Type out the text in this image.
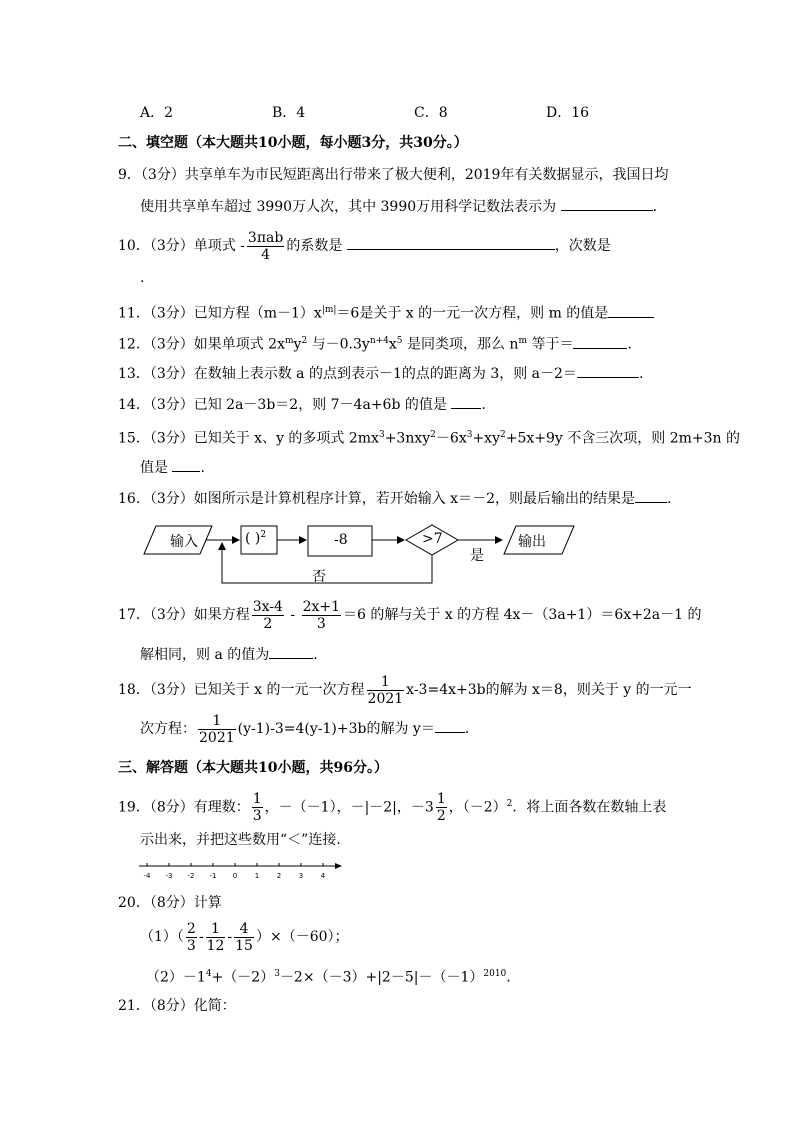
A．2	B．4	C．8	D．16
二、填空题（本大题共10小题，每小题3分，共30分。）
9．（3分）共享单车为市民短距离出行带来了极大便利，2019年有关数据显示，我国日均
使用共享单车超过 3990万人次，其中 3990万用科学记数法表示为	.
10．（3分）单项式 - $\frac{\text{3πab}}{4}$ 的系数是	，次数是
.
11．（3分）已知方程$(m-1)x^{|m|}=6$是关于 x 的一元一次方程，则 m 的值是
12．（3分）如果单项式 $2x^my^2$ 与$-0.3y^{n+4}x^5$ 是同类项，那么 $n^m$ 等于＝	.
13．（3分）在数轴上表示数 a 的点到表示－1的点的距离为 3，则 a－2＝	.
14．（3分）已知 2a－3b＝2，则 7－4a+6b 的值是 .
15．（3分）已知关于 x、y 的多项式 $2mx^3+3nxy^2-6x^3+xy^2+5x+9y$ 不含三次项，则 2m+3n 的
值是 .
16．（3分）如图所示是计算机程序计算，若开始输入 x＝－2，则最后输出的结果是 .
输入	( )$^2$	-8	>7
是
输出
否
17．（3分）如果方程 $\frac{3x-4}{2} - \frac{2x+1}{3} =6$ 的解与关于 x 的方程 4x－（3a+1）＝6x+2a－1 的
解相同，则 a 的值为	.
18．（3分）已知关于 x 的一元一次方程 $\frac{1}{2021} x-3=4x+3b$的解为 x＝8，则关于 y 的一元一
次方程： $\frac{1}{2021} (y-1)-3=4(y-1)+3b$的解为 y＝ .
三、解答题（本大题共10小题，共96分。）
19．（8分）有理数： $\frac{1}{3}$ ，－（－1），－|－2|，$-3 \frac{1}{2}$ ，$(-2)^2$．将上面各数在数轴上表
示出来，并把这些数用“＜”连接．
-4 -3 -2 -1 0	1	2	3	4
20．（8分）计算
$(1)( \frac{2}{3} - \frac{1}{12} - \frac{4}{15} )\times(-60)$；
$(2)-1^4+(-2)^3-2\times(-3)+|2-5|-(-1)^{2010}$.
21．（8分）化简：
